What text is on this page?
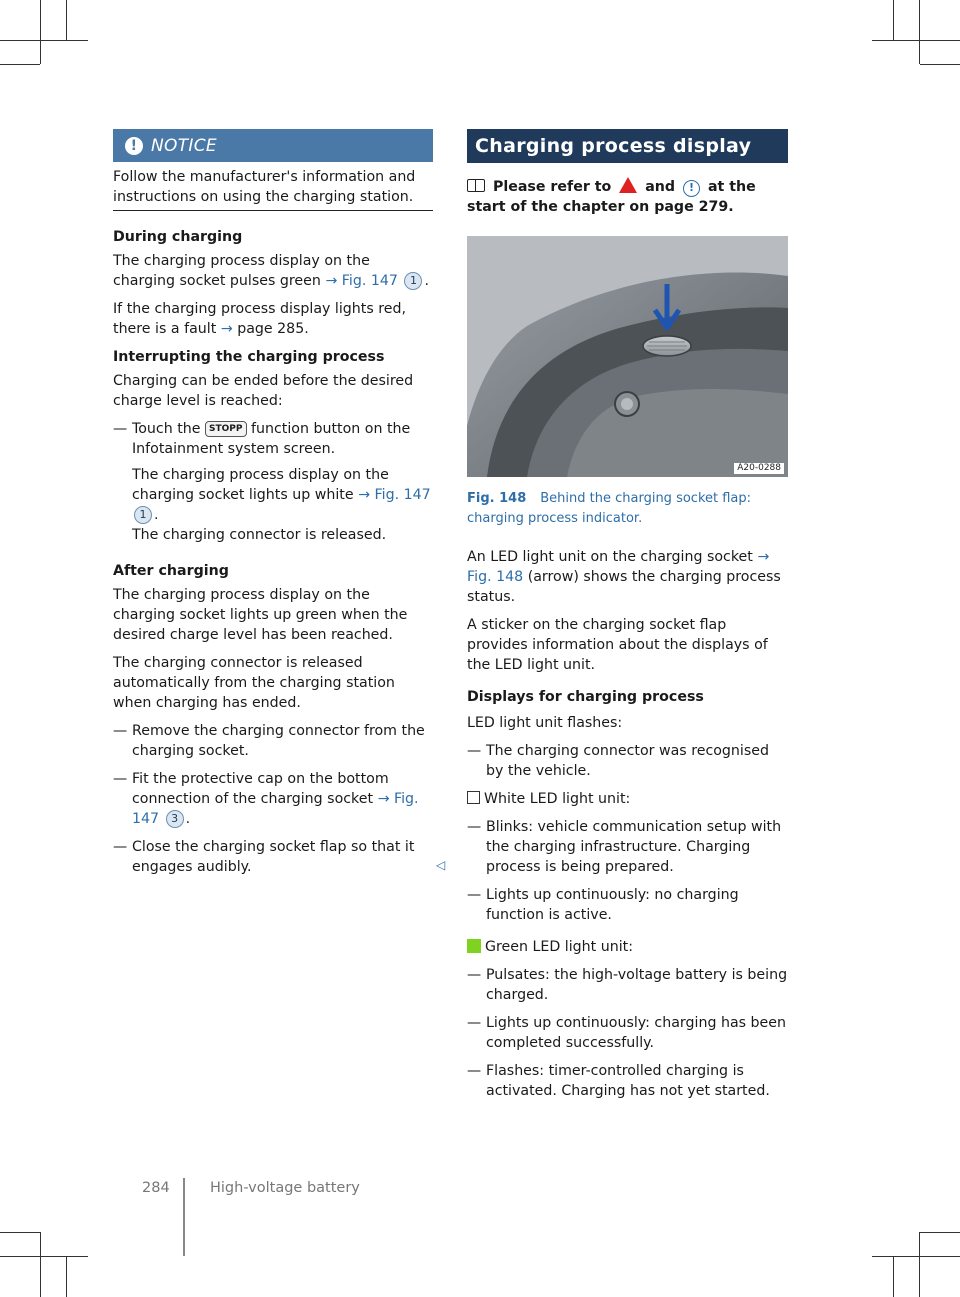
! NOTICE

Follow the manufacturer's information and instructions on using the charging station.

During charging

The charging process display on the charging socket pulses green → Fig. 147 1 .

If the charging process display lights red, there is a fault → page 285.

Interrupting the charging process

Charging can be ended before the desired charge level is reached:

— Touch the STOPP function button on the Infotainment system screen.
The charging process display on the charging socket lights up white → Fig. 147 1 .
The charging connector is released.

After charging

The charging process display on the charging socket lights up green when the desired charge level has been reached.

The charging connector is released automatically from the charging station when charging has ended.

— Remove the charging connector from the charging socket.
— Fit the protective cap on the bottom connection of the charging socket → Fig. 147 3 .
— Close the charging socket flap so that it engages audibly.	◁
Charging process display

Please refer to and ! at the start of the chapter on page 279.

A20-0288

Fig. 148 Behind the charging socket flap: charging process indicator.

An LED light unit on the charging socket → Fig. 148 (arrow) shows the charging process status.

A sticker on the charging socket flap provides information about the displays of the LED light unit.

Displays for charging process

LED light unit flashes:

— The charging connector was recognised by the vehicle.

White LED light unit:

— Blinks: vehicle communication setup with the charging infrastructure. Charging process is being prepared.
— Lights up continuously: no charging function is active.

Green LED light unit:

— Pulsates: the high-voltage battery is being charged.
— Lights up continuously: charging has been completed successfully.
— Flashes: timer-controlled charging is activated. Charging has not yet started.
284	High-voltage battery
